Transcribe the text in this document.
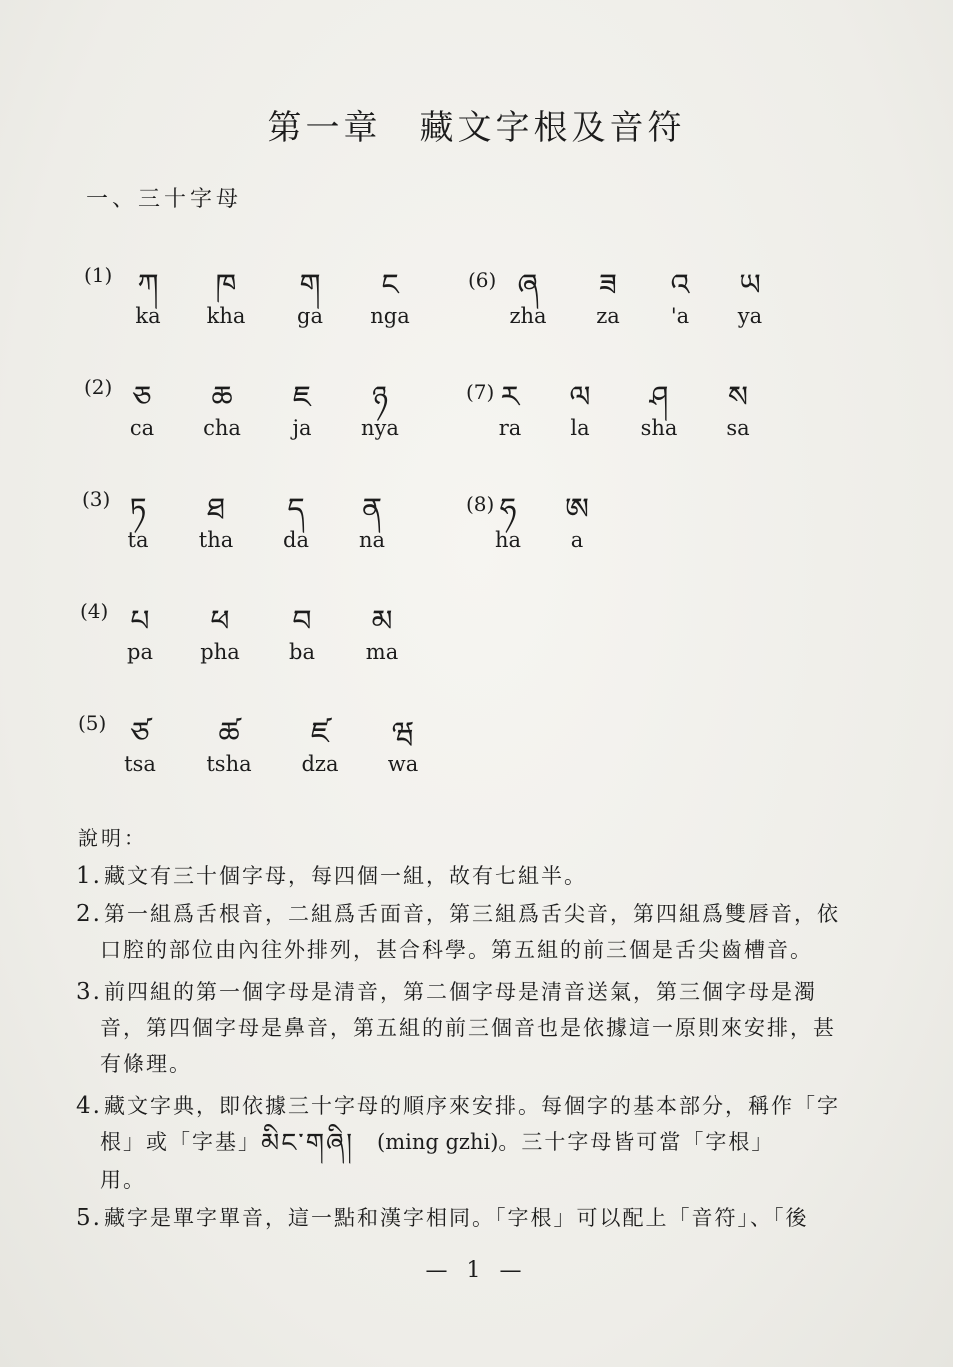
第一章　藏文字根及音符
一、三十字母
(1) ཀ
ka
ཁ
kha
ག
ga
ང
nga
(2) ཅ
ca
ཆ
cha
ཇ
ja
ཉ
nya
(3) ཏ
ta
ཐ
tha
ད
da
ན
na
(4) པ
pa
ཕ
pha
བ
ba
མ
ma
(5) ཙ
tsa
ཚ
tsha
ཛ
dza
ཝ
wa
(6) ཞ
zha
ཟ
za
འ
'a
ཡ
ya
(7) ར
ra
ལ
la
ཤ
sha
ས
sa
(8) ཧ
ha
ཨ
a
說明：
1.藏文有三十個字母，每四個一組，故有七組半。
2.第一組爲舌根音，二組爲舌面音，第三組爲舌尖音，第四組爲雙唇音，依
口腔的部位由內往外排列，甚合科學。第五組的前三個是舌尖齒槽音。
3.前四組的第一個字母是清音，第二個字母是清音送氣，第三個字母是濁
音，第四個字母是鼻音，第五組的前三個音也是依據這一原則來安排，甚
有條理。
4.藏文字典，即依據三十字母的順序來安排。每個字的基本部分，稱作「字
根」或「字基」མིང་གཞི།　 (ming gzhi)。三十字母皆可當「字根」
用。
5.藏字是單字單音，這一點和漢字相同。「字根」可以配上「音符」、「後
— 1 —
